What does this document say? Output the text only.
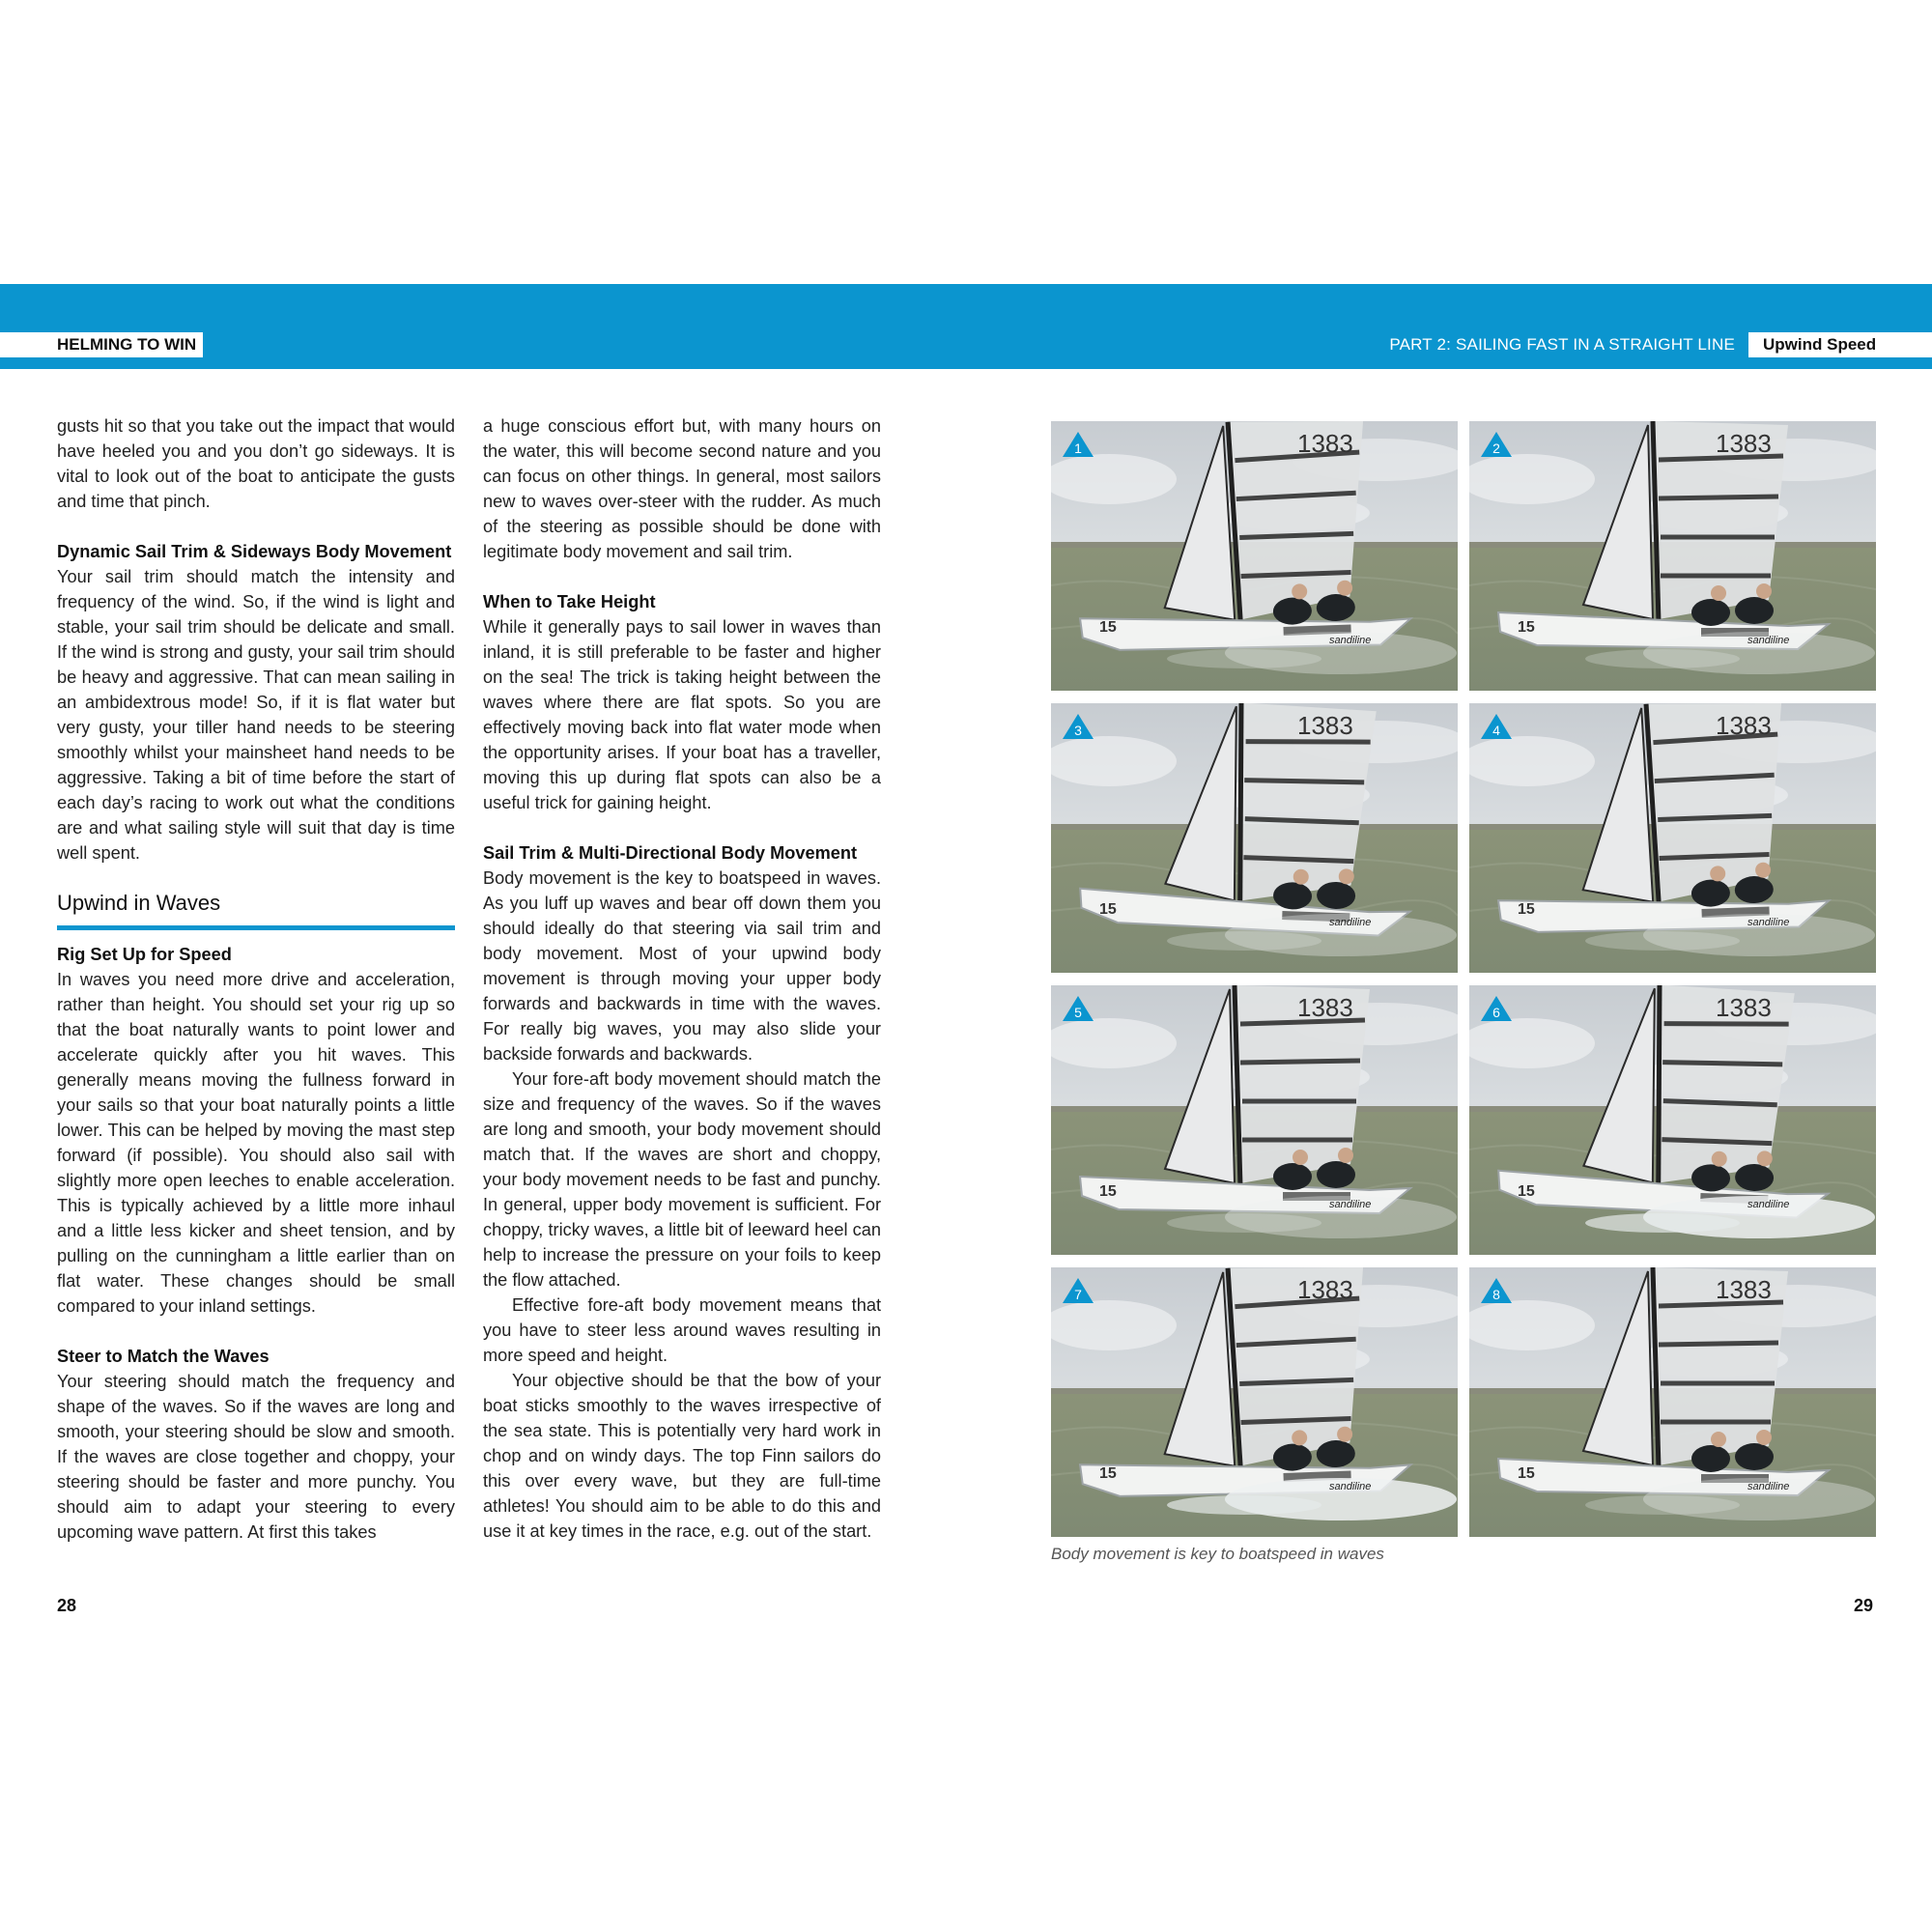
HELMING TO WIN	PART 2: SAILING FAST IN A STRAIGHT LINE	Upwind Speed

gusts hit so that you take out the impact that would have heeled you and you don’t go sideways. It is vital to look out of the boat to anticipate the gusts and time that pinch.

Dynamic Sail Trim & Sideways Body Movement

Your sail trim should match the intensity and frequency of the wind. So, if the wind is light and stable, your sail trim should be delicate and small. If the wind is strong and gusty, your sail trim should be heavy and aggressive. That can mean sailing in an ambidextrous mode! So, if it is flat water but very gusty, your tiller hand needs to be steering smoothly whilst your mainsheet hand needs to be aggressive. Taking a bit of time before the start of each day’s racing to work out what the conditions are and what sailing style will suit that day is time well spent.

Upwind in Waves
Rig Set Up for Speed

In waves you need more drive and acceleration, rather than height. You should set your rig up so that the boat naturally wants to point lower and accelerate quickly after you hit waves. This generally means moving the fullness forward in your sails so that your boat naturally points a little lower. This can be helped by moving the mast step forward (if possible). You should also sail with slightly more open leeches to enable acceleration. This is typically achieved by a little more inhaul and a little less kicker and sheet tension, and by pulling on the cunningham a little earlier than on flat water. These changes should be small compared to your inland settings.

Steer to Match the Waves

Your steering should match the frequency and shape of the waves. So if the waves are long and smooth, your steering should be slow and smooth. If the waves are close together and choppy, your steering should be faster and more punchy. You should aim to adapt your steering to every upcoming wave pattern. At first this takes

a huge conscious effort but, with many hours on the water, this will become second nature and you can focus on other things. In general, most sailors new to waves over-steer with the rudder. As much of the steering as possible should be done with legitimate body movement and sail trim.

When to Take Height

While it generally pays to sail lower in waves than inland, it is still preferable to be faster and higher on the sea! The trick is taking height between the waves where there are flat spots. So you are effectively moving back into flat water mode when the opportunity arises. If your boat has a traveller, moving this up during flat spots can also be a useful trick for gaining height.

Sail Trim & Multi-Directional Body Movement

Body movement is the key to boatspeed in waves. As you luff up waves and bear off down them you should ideally do that steering via sail trim and body movement. Most of your upwind body movement is through moving your upper body forwards and backwards in time with the waves. For really big waves, you may also slide your backside forwards and backwards.

Your fore-aft body movement should match the size and frequency of the waves. So if the waves are long and smooth, your body movement should match that. If the waves are short and choppy, your body movement needs to be fast and punchy. In general, upper body movement is sufficient. For choppy, tricky waves, a little bit of leeward heel can help to increase the pressure on your foils to keep the flow attached.

Effective fore-aft body movement means that you have to steer less around waves resulting in more speed and height.

Your objective should be that the bow of your boat sticks smoothly to the waves irrespective of the sea state. This is potentially very hard work in chop and on windy days. The top Finn sailors do this over every wave, but they are full-time athletes! You should aim to be able to do this and use it at key times in the race, e.g. out of the start.

1383
15
sandiline
1	1383
15
sandiline
2
1383
15
sandiline
3	1383
15
sandiline
4
1383
15
sandiline
5	1383
15
sandiline
6
1383
15
sandiline
7	1383
15
sandiline
8
Body movement is key to boatspeed in waves
28	29
